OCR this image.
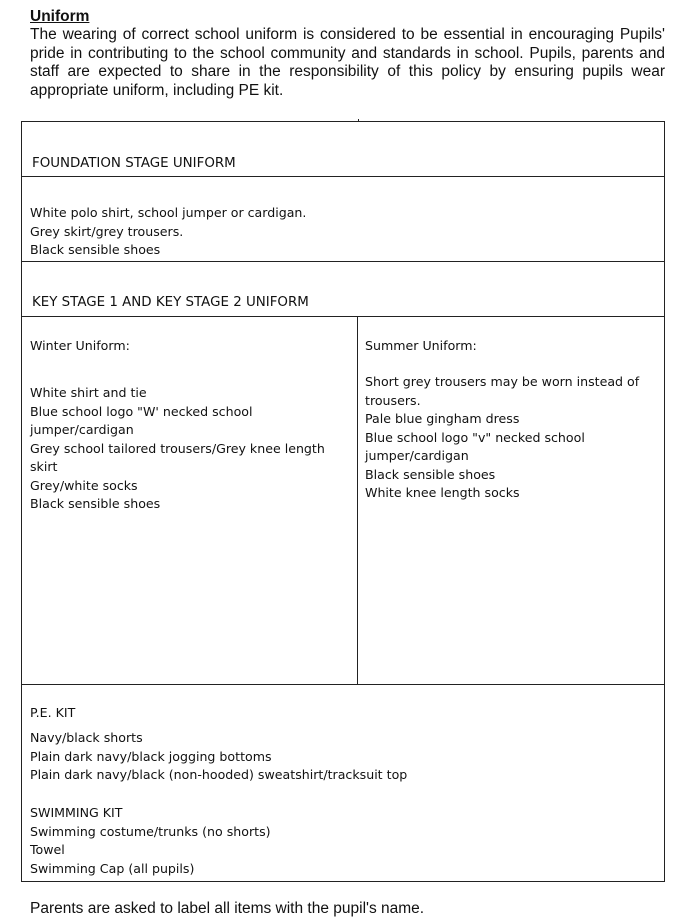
Uniform

The wearing of correct school uniform is considered to be essential in encouraging Pupils' pride in contributing to the school community and standards in school. Pupils, parents and staff are expected to share in the responsibility of this policy by ensuring pupils wear appropriate uniform, including PE kit.

FOUNDATION STAGE UNIFORM
White polo shirt, school jumper or cardigan.
Grey skirt/grey trousers.
Black sensible shoes
KEY STAGE 1 AND KEY STAGE 2 UNIFORM
Winter Uniform:
White shirt and tie
Blue school logo "W' necked school
jumper/cardigan
Grey school tailored trousers/Grey knee length
skirt
Grey/white socks
Black sensible shoes
Summer Uniform:
Short grey trousers may be worn instead of
trousers.
Pale blue gingham dress
Blue school logo "v" necked school
jumper/cardigan
Black sensible shoes
White knee length socks
P.E. KIT
Navy/black shorts
Plain dark navy/black jogging bottoms
Plain dark navy/black (non-hooded) sweatshirt/tracksuit top
SWIMMING KIT
Swimming costume/trunks (no shorts)
Towel
Swimming Cap (all pupils)
Parents are asked to label all items with the pupil's name.
